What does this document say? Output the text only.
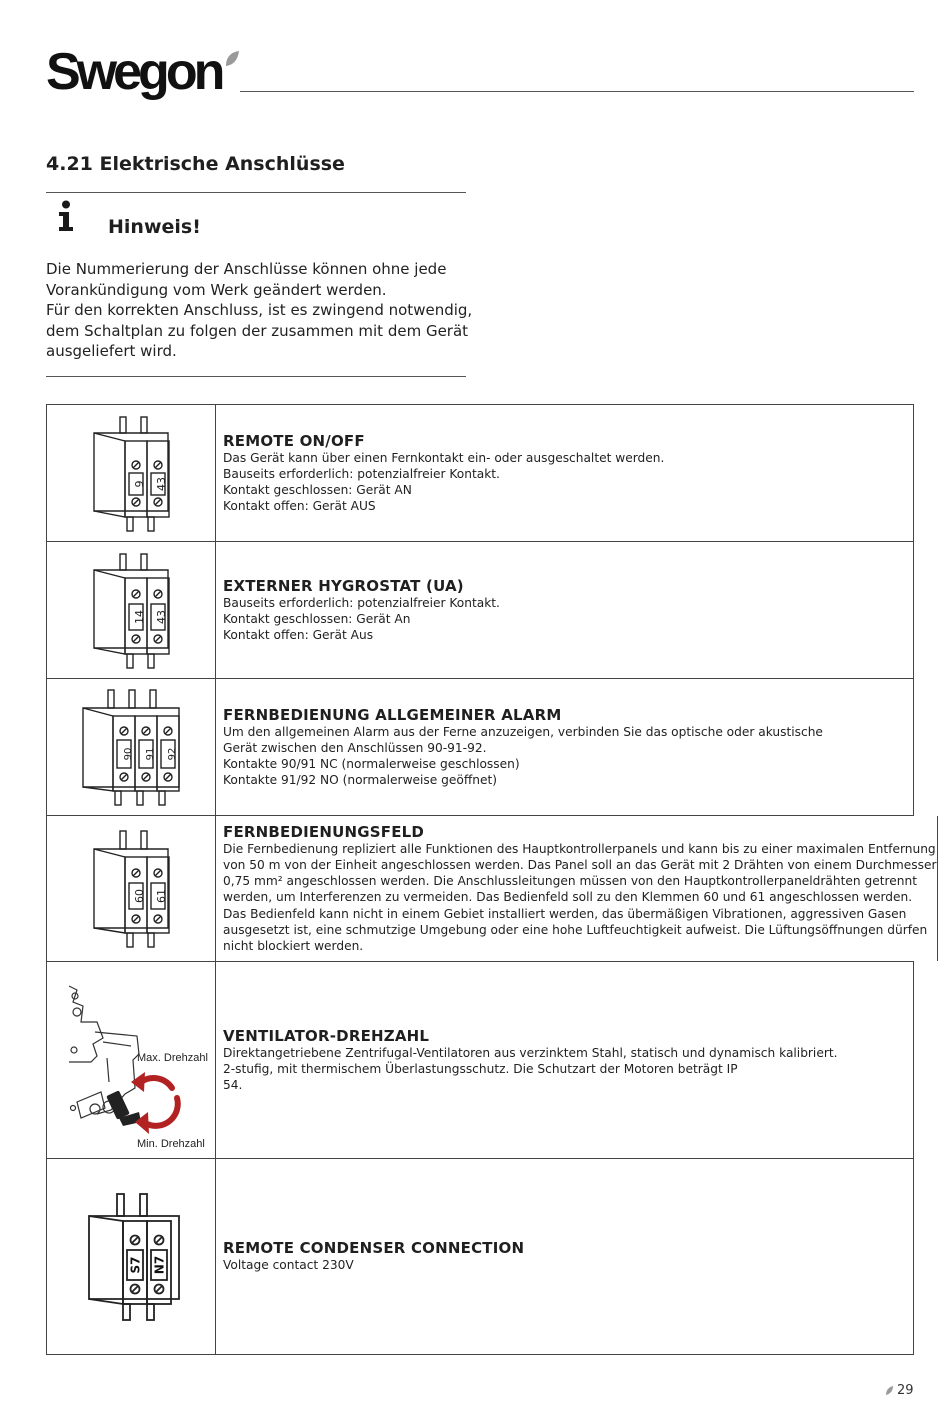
Swegon
4.21 Elektrische Anschlüsse
Hinweis!
Die Nummerierung der Anschlüsse können ohne jede
Vorankündigung vom Werk geändert werden.
Für den korrekten Anschluss, ist es zwingend notwendig,
dem Schaltplan zu folgen der zusammen mit dem Gerät
ausgeliefert wird.
9 43
REMOTE ON/OFF
Das Gerät kann über einen Fernkontakt ein- oder ausgeschaltet werden.
Bauseits erforderlich: potenzialfreier Kontakt.
Kontakt geschlossen: Gerät AN
Kontakt offen: Gerät AUS
14 43
EXTERNER HYGROSTAT (UA)
Bauseits erforderlich: potenzialfreier Kontakt.
Kontakt geschlossen: Gerät An
Kontakt offen: Gerät Aus
90 91 92
FERNBEDIENUNG ALLGEMEINER ALARM
Um den allgemeinen Alarm aus der Ferne anzuzeigen, verbinden Sie das optische oder akustische
Gerät zwischen den Anschlüssen 90-91-92.
Kontakte 90/91 NC (normalerweise geschlossen)
Kontakte 91/92 NO (normalerweise geöffnet)
60 61
FERNBEDIENUNGSFELD
Die Fernbedienung repliziert alle Funktionen des Hauptkontrollerpanels und kann bis zu einer maximalen Entfernung
von 50 m von der Einheit angeschlossen werden. Das Panel soll an das Gerät mit 2 Drähten von einem Durchmesser
0,75 mm² angeschlossen werden. Die Anschlussleitungen müssen von den Hauptkontrollerpaneldrähten getrennt
werden, um Interferenzen zu vermeiden. Das Bedienfeld soll zu den Klemmen 60 und 61 angeschlossen werden.
Das Bedienfeld kann nicht in einem Gebiet installiert werden, das übermäßigen Vibrationen, aggressiven Gasen
ausgesetzt ist, eine schmutzige Umgebung oder eine hohe Luftfeuchtigkeit aufweist. Die Lüftungsöffnungen dürfen
nicht blockiert werden.
Max. Drehzahl
Min. Drehzahl
VENTILATOR-DREHZAHL
Direktangetriebene Zentrifugal-Ventilatoren aus verzinktem Stahl, statisch und dynamisch kalibriert.
2-stufig, mit thermischem Überlastungsschutz. Die Schutzart der Motoren beträgt IP
54.
S7 N7
REMOTE CONDENSER CONNECTION
Voltage contact 230V
29
